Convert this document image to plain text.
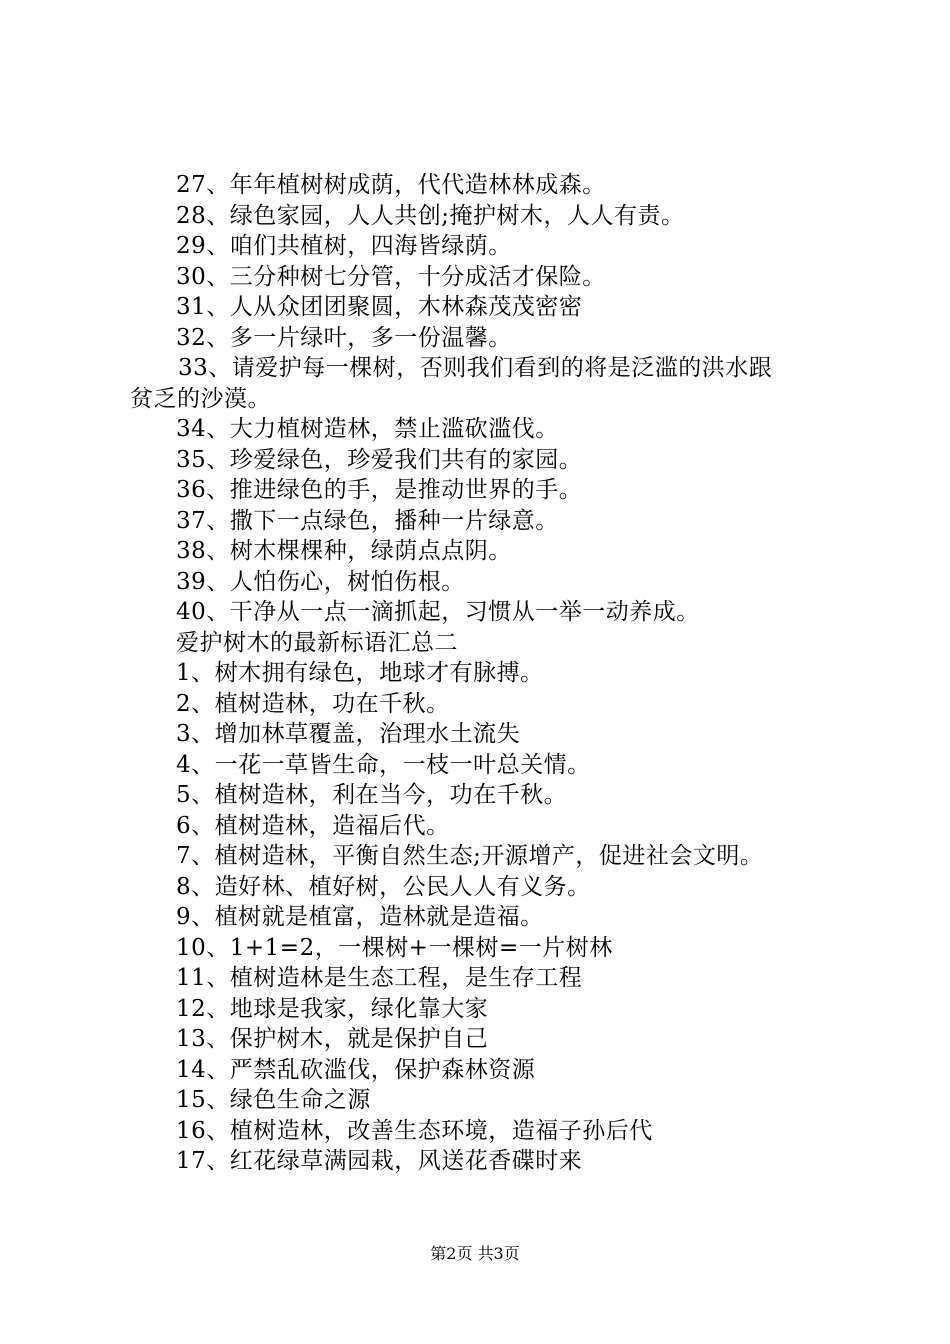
27、年年植树树成荫，代代造林林成森。
28、绿色家园，人人共创;掩护树木，人人有责。
29、咱们共植树，四海皆绿荫。
30、三分种树七分管，十分成活才保险。
31、人从众团团聚圆，木林森茂茂密密
32、多一片绿叶，多一份温馨。
33、请爱护每一棵树，否则我们看到的将是泛滥的洪水跟
贫乏的沙漠。
34、大力植树造林，禁止滥砍滥伐。
35、珍爱绿色，珍爱我们共有的家园。
36、推进绿色的手，是推动世界的手。
37、撒下一点绿色，播种一片绿意。
38、树木棵棵种，绿荫点点阴。
39、人怕伤心，树怕伤根。
40、干净从一点一滴抓起，习惯从一举一动养成。
爱护树木的最新标语汇总二
1、树木拥有绿色，地球才有脉搏。
2、植树造林，功在千秋。
3、增加林草覆盖，治理水土流失
4、一花一草皆生命，一枝一叶总关情。
5、植树造林，利在当今，功在千秋。
6、植树造林，造福后代。
7、植树造林，平衡自然生态;开源增产，促进社会文明。
8、造好林、植好树，公民人人有义务。
9、植树就是植富，造林就是造福。
10、1+1=2，一棵树+一棵树=一片树林
11、植树造林是生态工程，是生存工程
12、地球是我家，绿化靠大家
13、保护树木，就是保护自己
14、严禁乱砍滥伐，保护森林资源
15、绿色生命之源
16、植树造林，改善生态环境，造福子孙后代
17、红花绿草满园栽，风送花香碟时来
第2页 共3页
